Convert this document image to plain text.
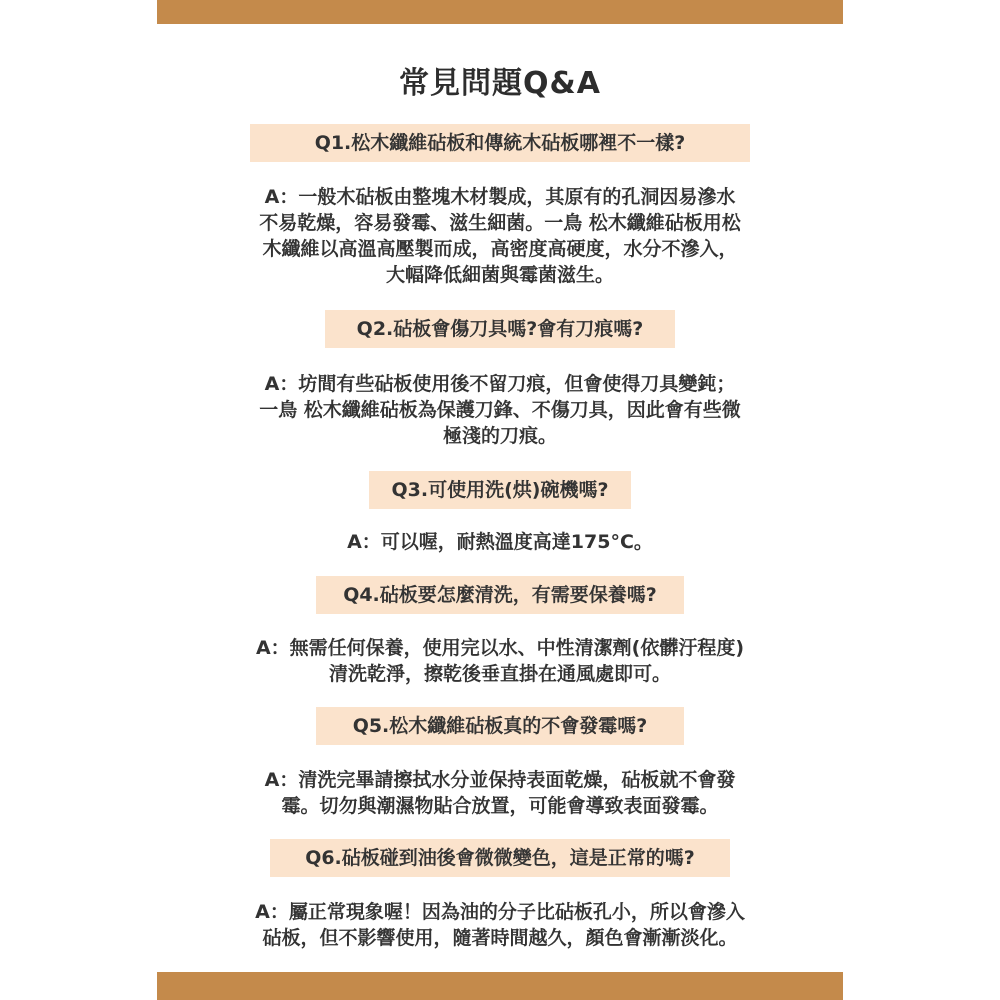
常見問題Q&A
Q1.松木纖維砧板和傳統木砧板哪裡不一樣?
A：一般木砧板由整塊木材製成，其原有的孔洞因易滲水
不易乾燥，容易發霉、滋生細菌。一鳥 松木纖維砧板用松
木纖維以高溫高壓製而成，高密度高硬度，水分不滲入，
大幅降低細菌與霉菌滋生。
Q2.砧板會傷刀具嗎?會有刀痕嗎?
A：坊間有些砧板使用後不留刀痕，但會使得刀具變鈍；
一鳥 松木纖維砧板為保護刀鋒、不傷刀具，因此會有些微
極淺的刀痕。
Q3.可使用洗(烘)碗機嗎?
A：可以喔，耐熱溫度高達175°C。
Q4.砧板要怎麼清洗，有需要保養嗎?
A：無需任何保養，使用完以水、中性清潔劑(依髒汙程度)
清洗乾淨，擦乾後垂直掛在通風處即可。
Q5.松木纖維砧板真的不會發霉嗎?
A：清洗完畢請擦拭水分並保持表面乾燥，砧板就不會發
霉。切勿與潮濕物貼合放置，可能會導致表面發霉。
Q6.砧板碰到油後會微微變色，這是正常的嗎?
A：屬正常現象喔！因為油的分子比砧板孔小，所以會滲入
砧板，但不影響使用，隨著時間越久，顏色會漸漸淡化。
